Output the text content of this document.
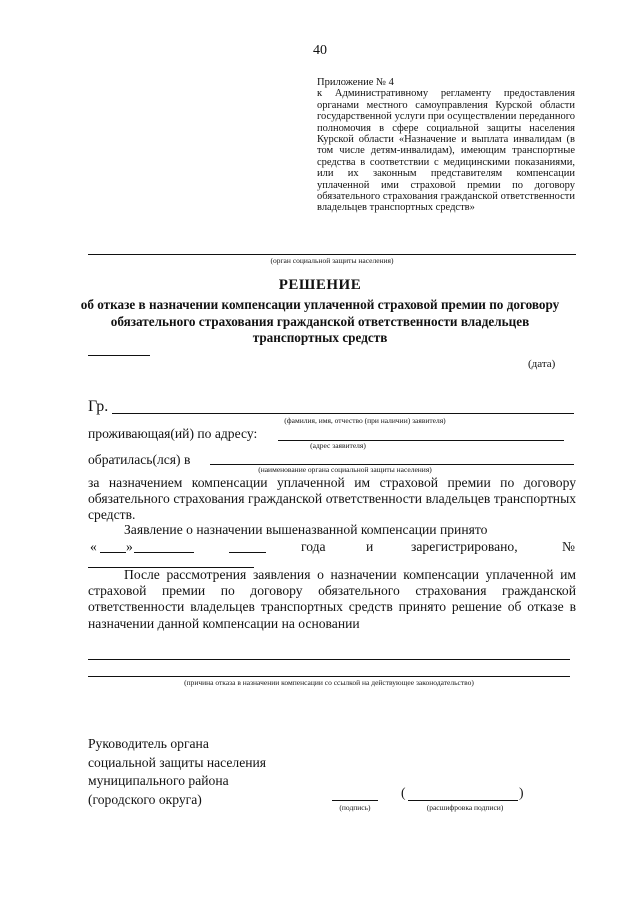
40
Приложение № 4
к Административному регламенту предоставления органами местного самоуправления Курской области государственной услуги при осуществлении переданного полномочия в сфере социальной защиты населения Курской области «Назначение и выплата инвалидам (в том числе детям-инвалидам), имеющим транспортные средства в соответствии с медицинскими показаниями, или их законным представителям компенсации уплаченной ими страховой премии по договору обязательного страхования гражданской ответственности владельцев транспортных средств»
(орган социальной защиты населения)
РЕШЕНИЕ
об отказе в назначении компенсации уплаченной страховой премии по договору обязательного страхования гражданской ответственности владельцев транспортных средств
(дата)
Гр.
(фамилия, имя, отчество (при наличии) заявителя)
проживающая(ий) по адресу:
(адрес заявителя)
обратилась(лся) в
(наименование органа социальной защиты населения)
за назначением компенсации уплаченной им страховой премии по договору обязательного страхования гражданской ответственности владельцев транспортных средств.
Заявление о назначении вышеназванной компенсации принято
« »	года	и	зарегистрировано,	№
После рассмотрения заявления о назначении компенсации уплаченной им страховой премии по договору обязательного страхования гражданской ответственности владельцев транспортных средств принято решение об отказе в назначении данной компенсации на основании
(причина отказа в назначении компенсации со ссылкой на действующее законодательство)
Руководитель органа
социальной защиты населения
муниципального района
(городского округа)
(подпись)
(	)
(расшифровка подписи)
